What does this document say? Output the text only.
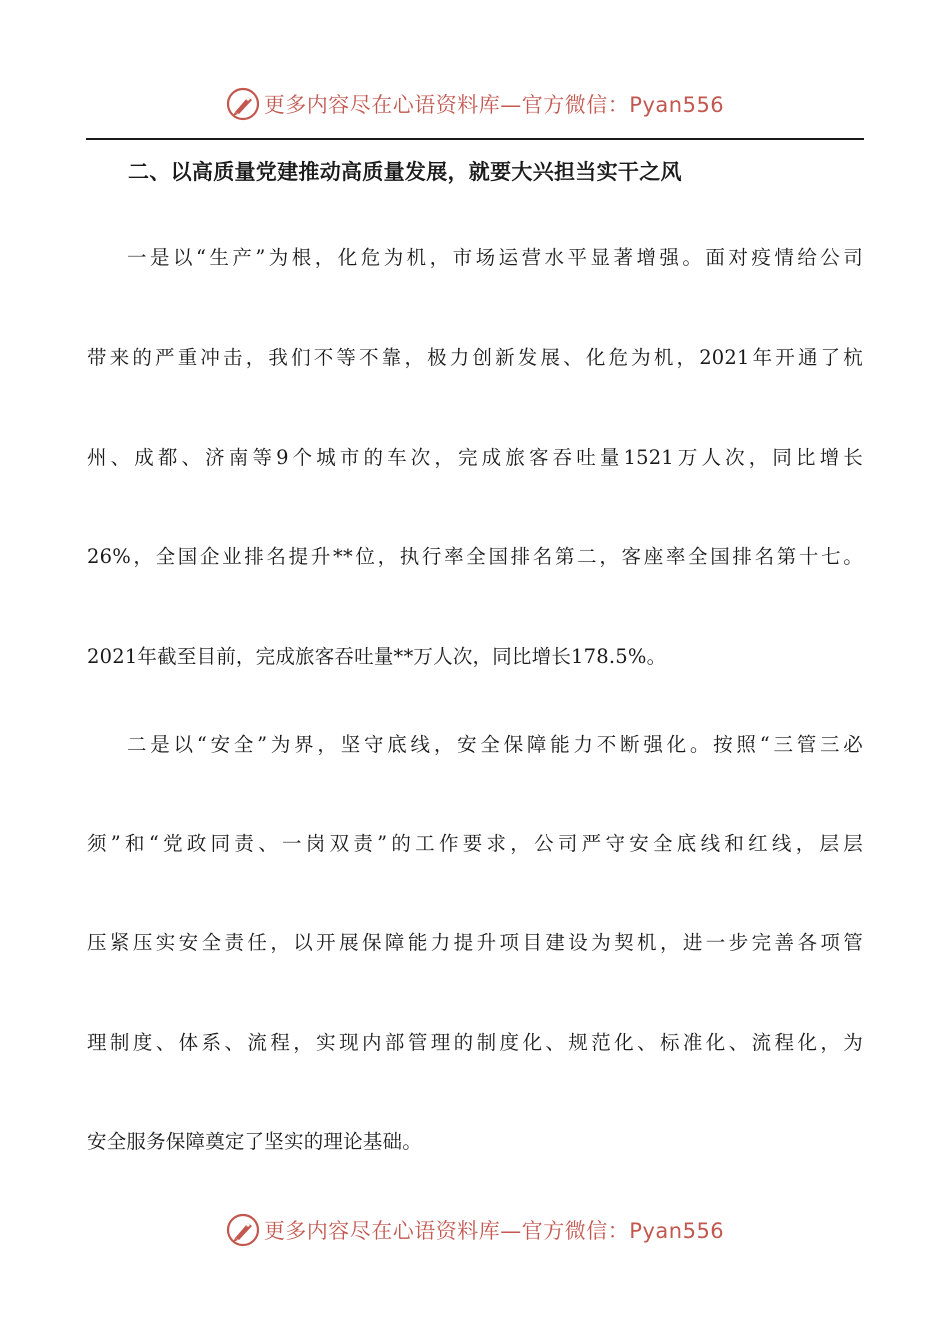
更多内容尽在心语资料库—官方微信：Pyan556
二、以高质量党建推动高质量发展，就要大兴担当实干之风
一是以“生产”为根，化危为机，市场运营水平显著增强。面对疫情给公司
带来的严重冲击，我们不等不靠，极力创新发展、化危为机，2021年开通了杭
州、成都、济南等9个城市的车次，完成旅客吞吐量1521万人次，同比增长
26%，全国企业排名提升**位，执行率全国排名第二，客座率全国排名第十七。
2021年截至目前，完成旅客吞吐量**万人次，同比增长178.5%。
二是以“安全”为界，坚守底线，安全保障能力不断强化。按照“三管三必
须”和“党政同责、一岗双责”的工作要求，公司严守安全底线和红线，层层
压紧压实安全责任，以开展保障能力提升项目建设为契机，进一步完善各项管
理制度、体系、流程，实现内部管理的制度化、规范化、标准化、流程化，为
安全服务保障奠定了坚实的理论基础。
更多内容尽在心语资料库—官方微信：Pyan556
